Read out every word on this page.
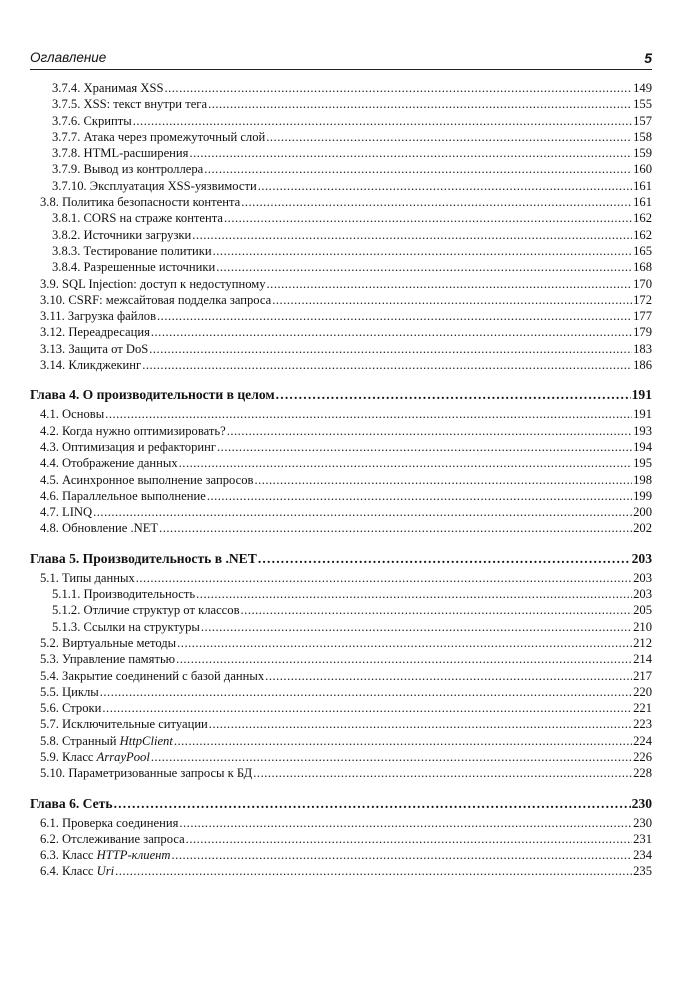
Оглавление	5
3.7.4. Хранимая XSS .....	149
3.7.5. XSS: текст внутри тега .....	155
3.7.6. Скрипты .....	157
3.7.7. Атака через промежуточный слой .....	158
3.7.8. HTML-расширения .....	159
3.7.9. Вывод из контроллера .....	160
3.7.10. Эксплуатация XSS-уязвимости .....	161
3.8. Политика безопасности контента .....	161
3.8.1. CORS на страже контента .....	162
3.8.2. Источники загрузки .....	162
3.8.3. Тестирование политики .....	165
3.8.4. Разрешенные источники .....	168
3.9. SQL Injection: доступ к недоступному .....	170
3.10. CSRF: межсайтовая подделка запроса .....	172
3.11. Загрузка файлов .....	177
3.12. Переадресация .....	179
3.13. Защита от DoS .....	183
3.14. Кликджекинг .....	186
Глава 4. О производительности в целом .....	191
4.1. Основы .....	191
4.2. Когда нужно оптимизировать? .....	193
4.3. Оптимизация и рефакторинг .....	194
4.4. Отображение данных .....	195
4.5. Асинхронное выполнение запросов .....	198
4.6. Параллельное выполнение .....	199
4.7. LINQ .....	200
4.8. Обновление .NET .....	202
Глава 5. Производительность в .NET .....	203
5.1. Типы данных .....	203
5.1.1. Производительность .....	203
5.1.2. Отличие структур от классов .....	205
5.1.3. Ссылки на структуры .....	210
5.2. Виртуальные методы .....	212
5.3. Управление памятью .....	214
5.4. Закрытие соединений с базой данных .....	217
5.5. Циклы .....	220
5.6. Строки .....	221
5.7. Исключительные ситуации .....	223
5.8. Странный HttpClient .....	224
5.9. Класс ArrayPool .....	226
5.10. Параметризованные запросы к БД .....	228
Глава 6. Сеть .....	230
6.1. Проверка соединения .....	230
6.2. Отслеживание запроса .....	231
6.3. Класс HTTP-клиент .....	234
6.4. Класс Uri .....	235
